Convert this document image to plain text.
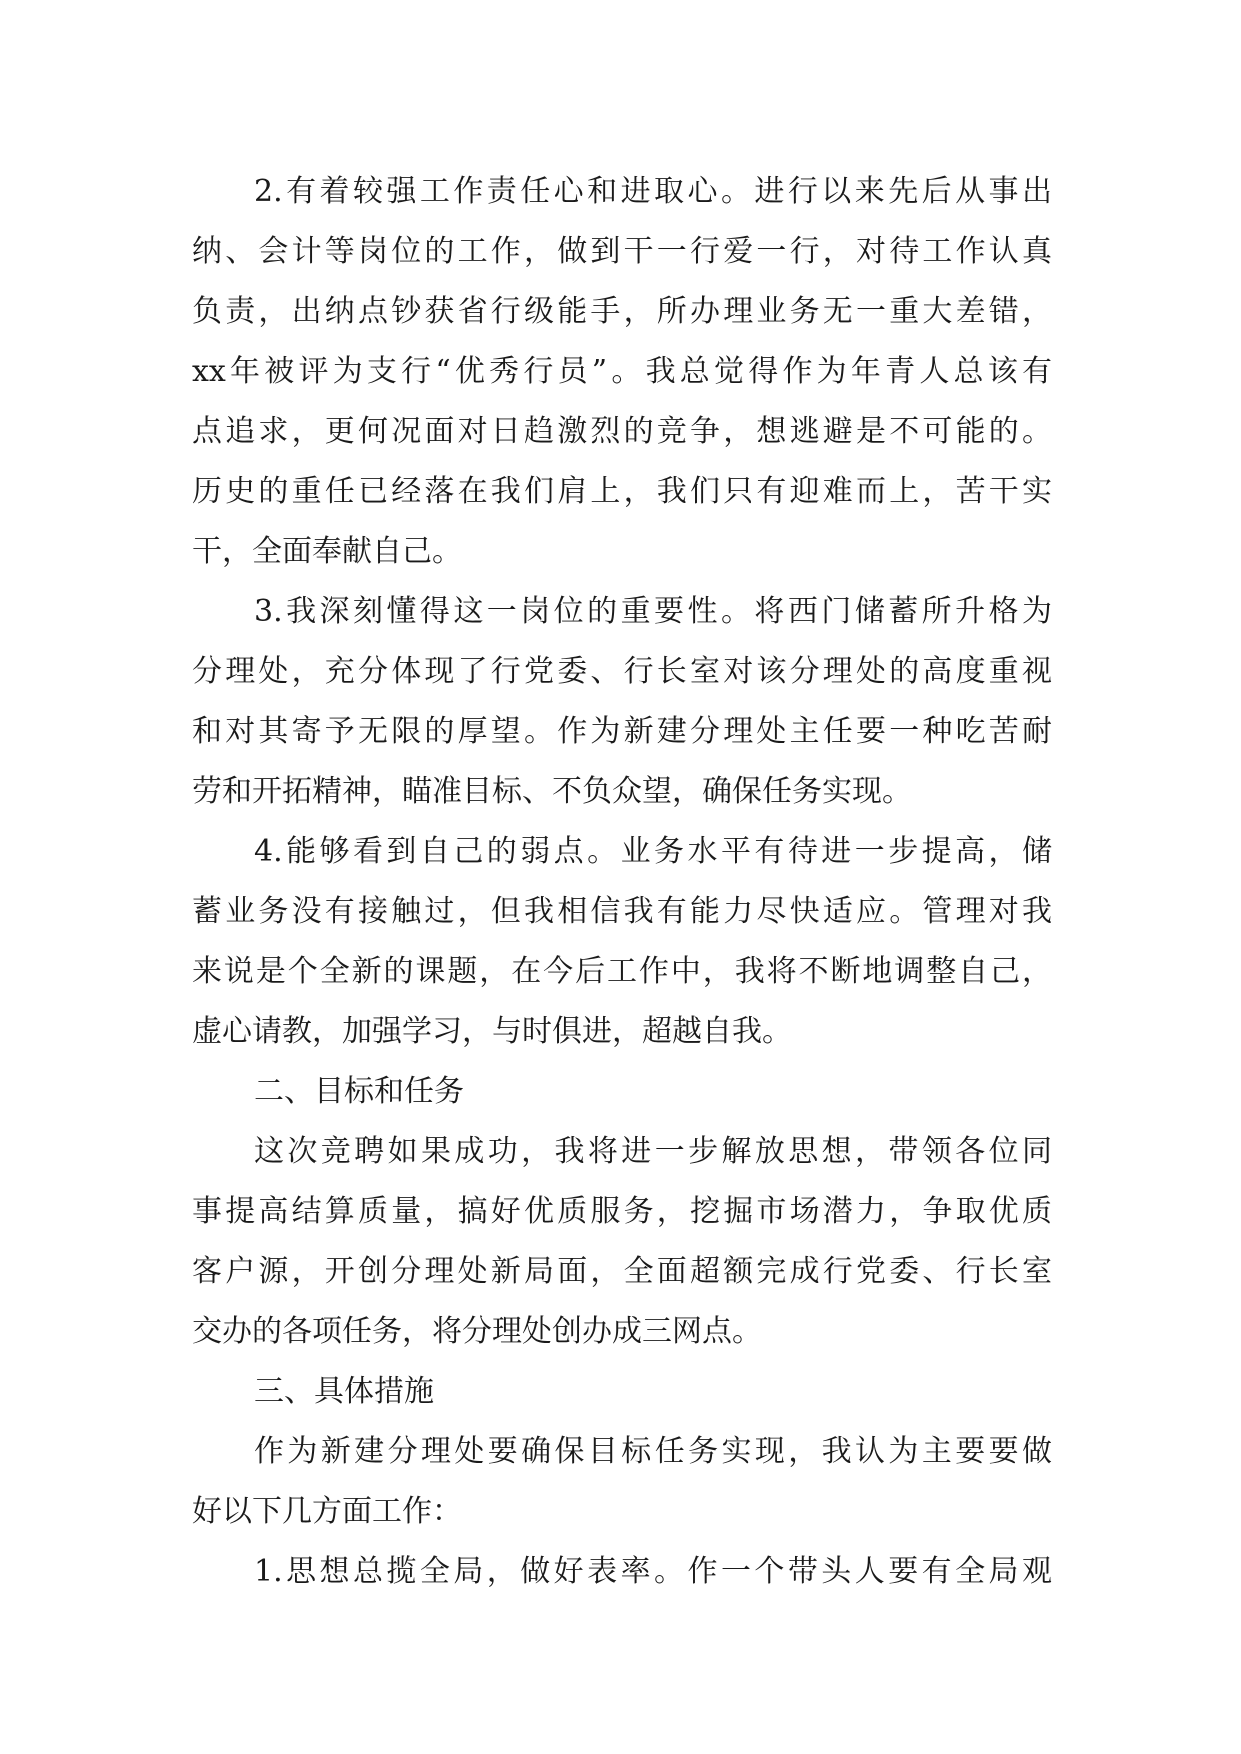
2.有着较强工作责任心和进取心。进行以来先后从事出
纳、会计等岗位的工作，做到干一行爱一行，对待工作认真
负责，出纳点钞获省行级能手，所办理业务无一重大差错，
xx年被评为支行“优秀行员”。我总觉得作为年青人总该有
点追求，更何况面对日趋激烈的竞争，想逃避是不可能的。
历史的重任已经落在我们肩上，我们只有迎难而上，苦干实
干，全面奉献自己。
3.我深刻懂得这一岗位的重要性。将西门储蓄所升格为
分理处，充分体现了行党委、行长室对该分理处的高度重视
和对其寄予无限的厚望。作为新建分理处主任要一种吃苦耐
劳和开拓精神，瞄准目标、不负众望，确保任务实现。
4.能够看到自己的弱点。业务水平有待进一步提高，储
蓄业务没有接触过，但我相信我有能力尽快适应。管理对我
来说是个全新的课题，在今后工作中，我将不断地调整自己，
虚心请教，加强学习，与时俱进，超越自我。
二、目标和任务
这次竞聘如果成功，我将进一步解放思想，带领各位同
事提高结算质量，搞好优质服务，挖掘市场潜力，争取优质
客户源，开创分理处新局面，全面超额完成行党委、行长室
交办的各项任务，将分理处创办成三网点。
三、具体措施
作为新建分理处要确保目标任务实现，我认为主要要做
好以下几方面工作：
1.思想总揽全局，做好表率。作一个带头人要有全局观
